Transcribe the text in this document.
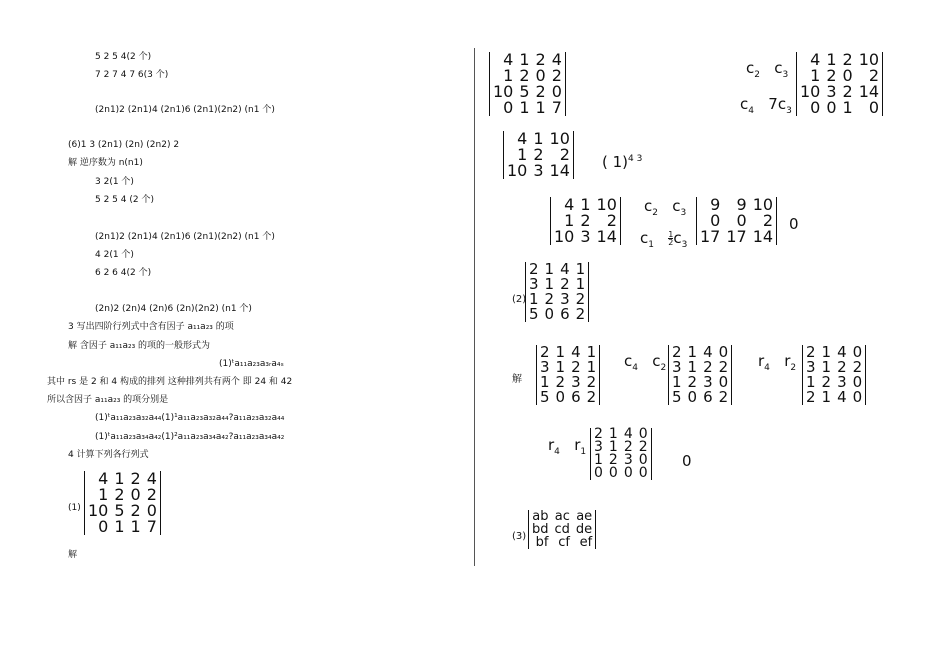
5 2 5 4(2 个)
7 2 7 4 7 6(3 个)
(2n1)2 (2n1)4 (2n1)6 (2n1)(2n2) (n1 个)
(6)1 3 (2n1) (2n) (2n2) 2
解 逆序数为 n(n1)
3 2(1 个)
5 2 5 4 (2 个)
(2n1)2 (2n1)4 (2n1)6 (2n1)(2n2) (n1 个)
4 2(1 个)
6 2 6 4(2 个)
(2n)2 (2n)4 (2n)6 (2n)(2n2) (n1 个)
3 写出四阶行列式中含有因子 a₁₁a₂₃ 的项
解 含因子 a₁₁a₂₃ 的项的一般形式为
(1)ᵗa₁₁a₂₃a₃ᵣa₄ₛ
其中 rs 是 2 和 4 构成的排列 这种排列共有两个 即 24 和 42
所以含因子 a₁₁a₂₃ 的项分别是
(1)ᵗa₁₁a₂₃a₃₂a₄₄(1)¹a₁₁a₂₃a₃₂a₄₄?a₁₁a₂₃a₃₂a₄₄
(1)ᵗa₁₁a₂₃a₃₄a₄₂(1)²a₁₁a₂₃a₃₄a₄₂?a₁₁a₂₃a₃₄a₄₂
4 计算下列各行列式
(1)
解
4	1	2	4
1	2	0	2
10	5	2	0
0	1	1	7
4	1	2	4
1	2	0	2
10	5	2	0
0	1	1	7
$c_2$ $c_3$
$c_4$ $7c_3$
4	1	2	10
1	2	0	2
10	3	2	14
0	0	1	0
4	1	10
1	2	2
10	3	14 ( 1)$^{4 3}$
4	1	10
1	2	2
10	3	14
$c_2$ $c_3$
$c_1 \frac{1}{2} c_3$
9	9	10
0	0	2
17	17	14
0
(2)
2	1	4	1
3	1	2	1
1	2	3	2
5	0	6	2
解
2	1	4	1
3	1	2	1
1	2	3	2
5	0	6	2
$c_4$ $c_2$
2	1	4	0
3	1	2	2
1	2	3	0
5	0	6	2
$r_4$ $r_2$
2	1	4	0
3	1	2	2
1	2	3	0
2	1	4	0
$r_4$ $r_1$
2	1	4	0
3	1	2	2
1	2	3	0
0	0	0	0
0
(3)
ab	ac	ae
bd	cd	de
bf	cf	ef
